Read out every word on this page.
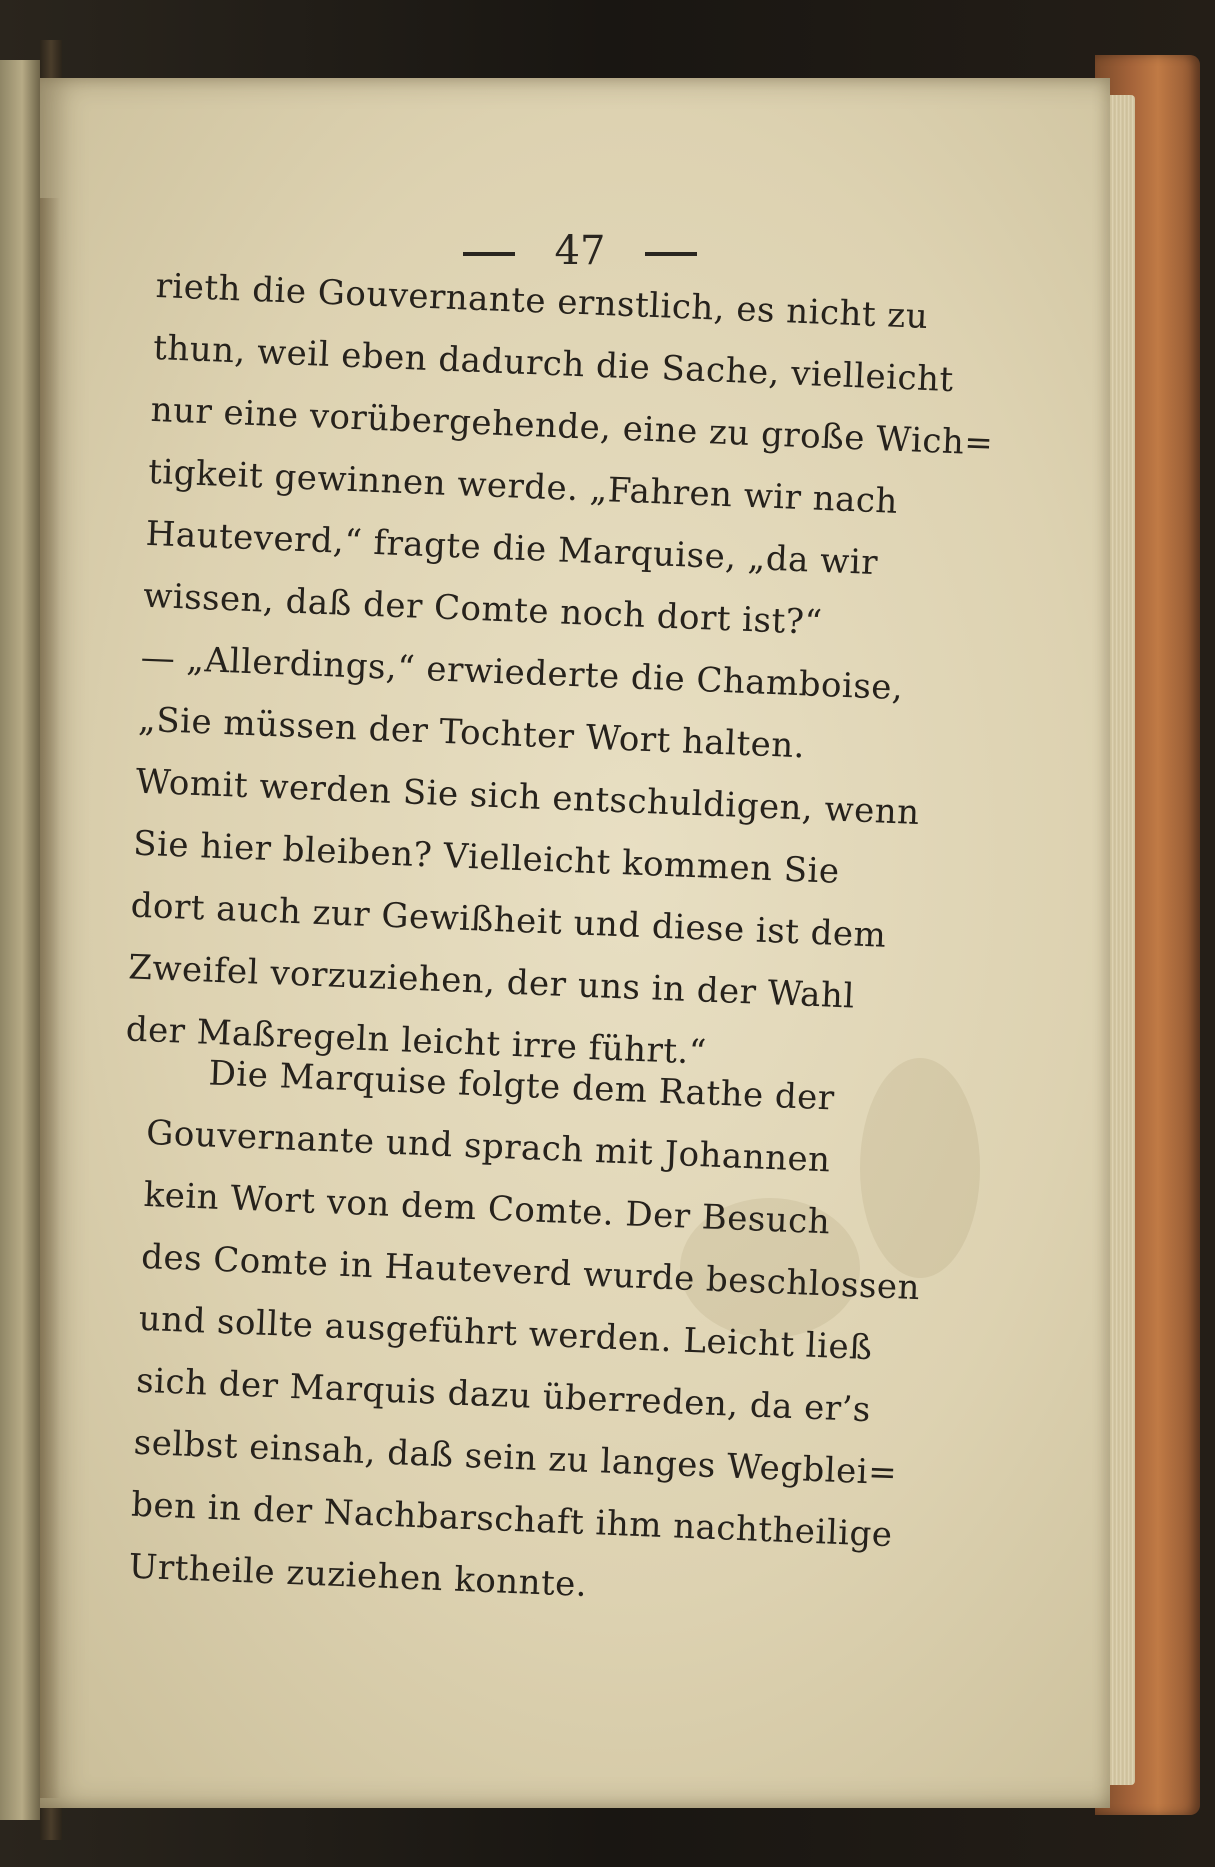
47
rieth die Gouvernante ernstlich, es nicht zu
thun, weil eben dadurch die Sache, vielleicht
nur eine vorübergehende, eine zu große Wich=
tigkeit gewinnen werde. „Fahren wir nach
Hauteverd,“ fragte die Marquise, „da wir
wissen, daß der Comte noch dort ist?“
— „Allerdings,“ erwiederte die Chamboise,
„Sie müssen der Tochter Wort halten.
Womit werden Sie sich entschuldigen, wenn
Sie hier bleiben? Vielleicht kommen Sie
dort auch zur Gewißheit und diese ist dem
Zweifel vorzuziehen, der uns in der Wahl
der Maßregeln leicht irre führt.“
Die Marquise folgte dem Rathe der
Gouvernante und sprach mit Johannen
kein Wort von dem Comte. Der Besuch
des Comte in Hauteverd wurde beschlossen
und sollte ausgeführt werden. Leicht ließ
sich der Marquis dazu überreden, da er’s
selbst einsah, daß sein zu langes Wegblei=
ben in der Nachbarschaft ihm nachtheilige
Urtheile zuziehen konnte.
